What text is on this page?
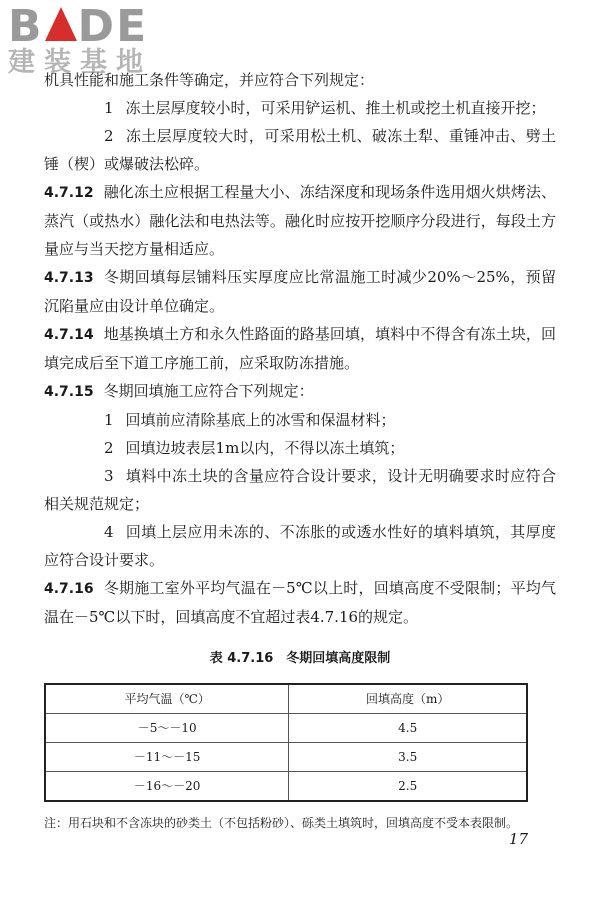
B DE
建装基地

机具性能和施工条件等确定，并应符合下列规定：

1 冻土层厚度较小时，可采用铲运机、推土机或挖土机直接开挖；

2 冻土层厚度较大时，可采用松土机、破冻土犁、重锤冲击、劈土锤（楔）或爆破法松碎。

4.7.12 融化冻土应根据工程量大小、冻结深度和现场条件选用烟火烘烤法、蒸汽（或热水）融化法和电热法等。融化时应按开挖顺序分段进行，每段土方量应与当天挖方量相适应。

4.7.13 冬期回填每层铺料压实厚度应比常温施工时减少20%～25%，预留沉陷量应由设计单位确定。

4.7.14 地基换填土方和永久性路面的路基回填，填料中不得含有冻土块，回填完成后至下道工序施工前，应采取防冻措施。

4.7.15 冬期回填施工应符合下列规定：

1 回填前应清除基底上的冰雪和保温材料；

2 回填边坡表层1m以内，不得以冻土填筑；

3 填料中冻土块的含量应符合设计要求，设计无明确要求时应符合相关规范规定；

4 回填上层应用未冻的、不冻胀的或透水性好的填料填筑，其厚度应符合设计要求。

4.7.16 冬期施工室外平均气温在－5℃以上时，回填高度不受限制；平均气温在－5℃以下时，回填高度不宜超过表4.7.16的规定。

表 4.7.16　冬期回填高度限制
平均气温（℃）	回填高度（m）
－5～－10	4.5
－11～－15	3.5
－16～－20	2.5
注：用石块和不含冻块的砂类土（不包括粉砂）、砾类土填筑时，回填高度不受本表限制。
17
